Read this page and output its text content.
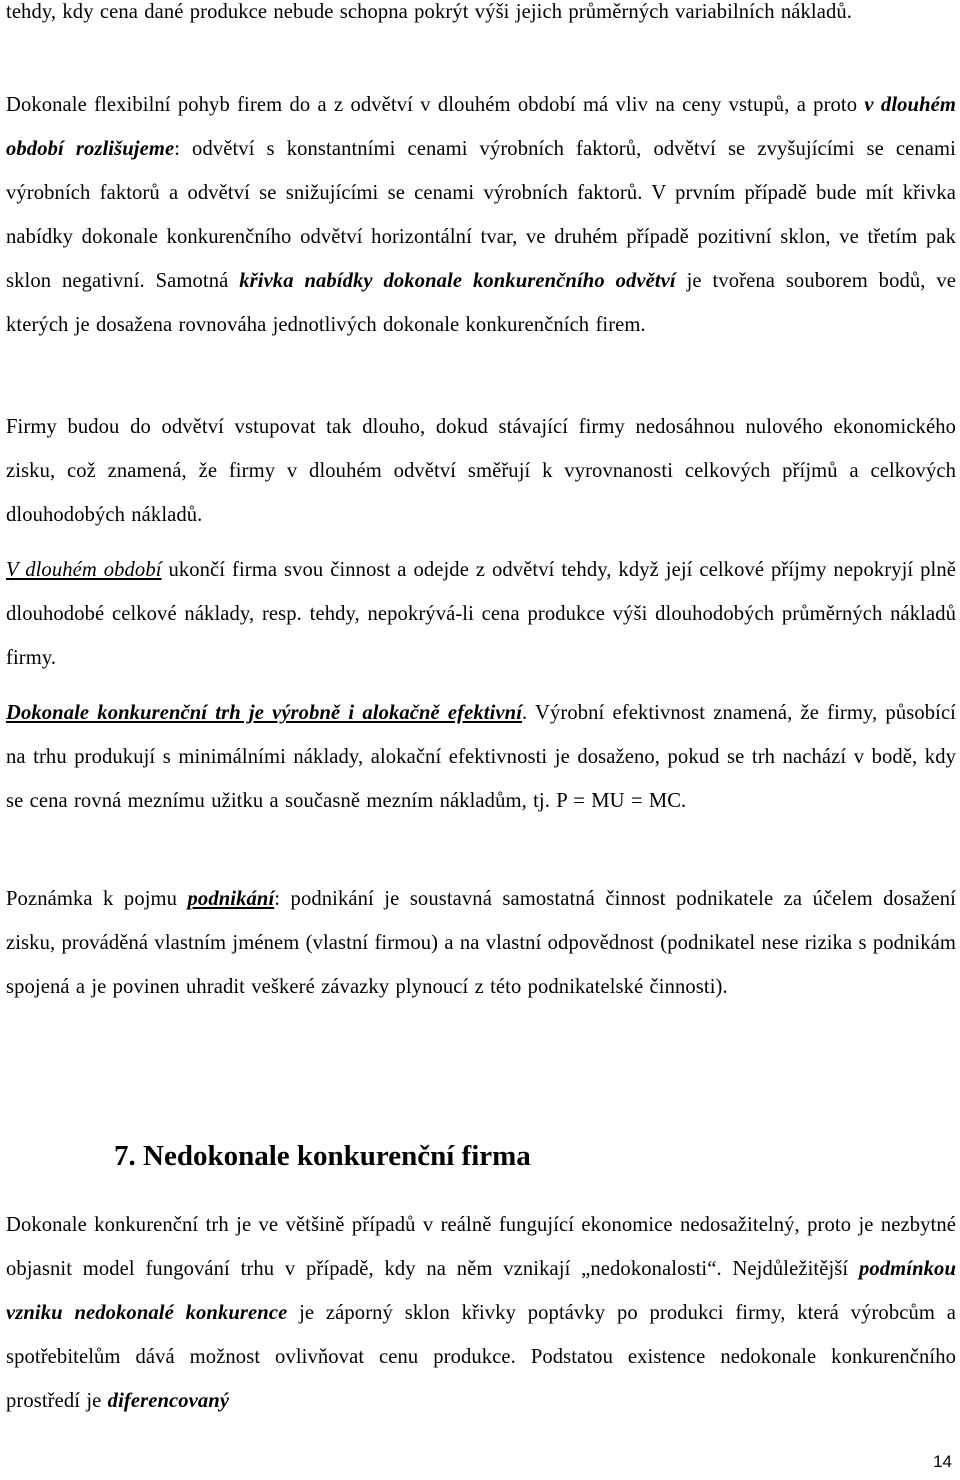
tehdy, kdy cena dané produkce nebude schopna pokrýt výši jejich průměrných variabilních nákladů.

Dokonale flexibilní pohyb firem do a z odvětví v dlouhém období má vliv na ceny vstupů, a proto v dlouhém období rozlišujeme: odvětví s konstantními cenami výrobních faktorů, odvětví se zvyšujícími se cenami výrobních faktorů a odvětví se snižujícími se cenami výrobních faktorů. V prvním případě bude mít křivka nabídky dokonale konkurenčního odvětví horizontální tvar, ve druhém případě pozitivní sklon, ve třetím pak sklon negativní. Samotná křivka nabídky dokonale konkurenčního odvětví je tvořena souborem bodů, ve kterých je dosažena rovnováha jednotlivých dokonale konkurenčních firem.

Firmy budou do odvětví vstupovat tak dlouho, dokud stávající firmy nedosáhnou nulového ekonomického zisku, což znamená, že firmy v dlouhém odvětví směřují k vyrovnanosti celkových příjmů a celkových dlouhodobých nákladů.

V dlouhém období ukončí firma svou činnost a odejde z odvětví tehdy, když její celkové příjmy nepokryjí plně dlouhodobé celkové náklady, resp. tehdy, nepokrývá-li cena produkce výši dlouhodobých průměrných nákladů firmy.

Dokonale konkurenční trh je výrobně i alokačně efektivní. Výrobní efektivnost znamená, že firmy, působící na trhu produkují s minimálními náklady, alokační efektivnosti je dosaženo, pokud se trh nachází v bodě, kdy se cena rovná meznímu užitku a současně mezním nákladům, tj. P = MU = MC.

Poznámka k pojmu podnikání: podnikání je soustavná samostatná činnost podnikatele za účelem dosažení zisku, prováděná vlastním jménem (vlastní firmou) a na vlastní odpovědnost (podnikatel nese rizika s podnikám spojená a je povinen uhradit veškeré závazky plynoucí z této podnikatelské činnosti).

Dokonale konkurenční trh je ve většině případů v reálně fungující ekonomice nedosažitelný, proto je nezbytné objasnit model fungování trhu v případě, kdy na něm vznikají „nedokonalosti“. Nejdůležitější podmínkou vzniku nedokonalé konkurence je záporný sklon křivky poptávky po produkci firmy, která výrobcům a spotřebitelům dává možnost ovlivňovat cenu produkce. Podstatou existence nedokonale konkurenčního prostředí je diferencovaný

7. Nedokonale konkurenční firma
14
